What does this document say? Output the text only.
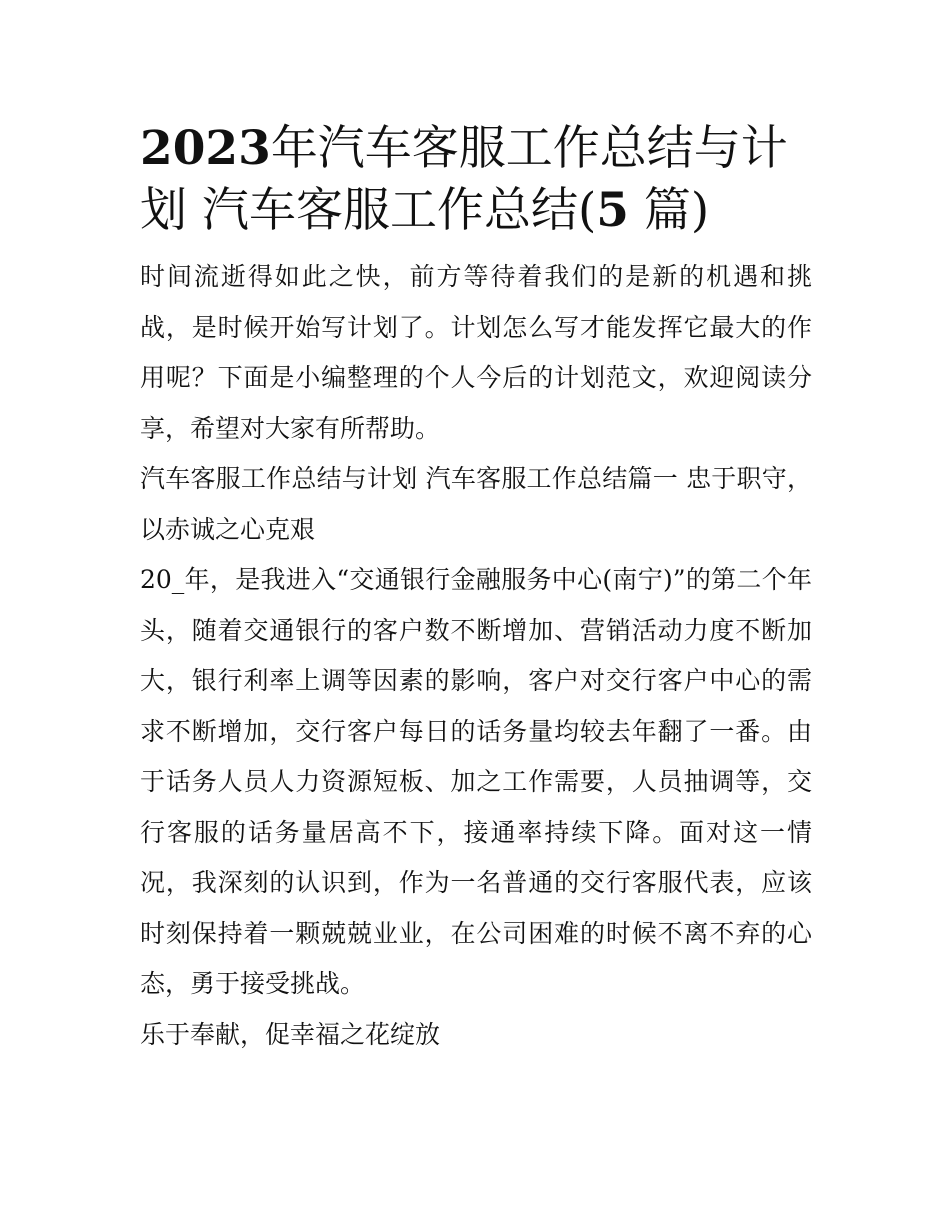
2023年汽车客服工作总结与计划 汽车客服工作总结(5 篇)

时间流逝得如此之快，前方等待着我们的是新的机遇和挑战，是时候开始写计划了。计划怎么写才能发挥它最大的作用呢？下面是小编整理的个人今后的计划范文，欢迎阅读分享，希望对大家有所帮助。

汽车客服工作总结与计划 汽车客服工作总结篇一 忠于职守，以赤诚之心克艰

20_年，是我进入“交通银行金融服务中心(南宁)”的第二个年头，随着交通银行的客户数不断增加、营销活动力度不断加大，银行利率上调等因素的影响，客户对交行客户中心的需求不断增加，交行客户每日的话务量均较去年翻了一番。由于话务人员人力资源短板、加之工作需要，人员抽调等，交行客服的话务量居高不下，接通率持续下降。面对这一情况，我深刻的认识到，作为一名普通的交行客服代表，应该时刻保持着一颗兢兢业业，在公司困难的时候不离不弃的心态，勇于接受挑战。

乐于奉献，促幸福之花绽放
